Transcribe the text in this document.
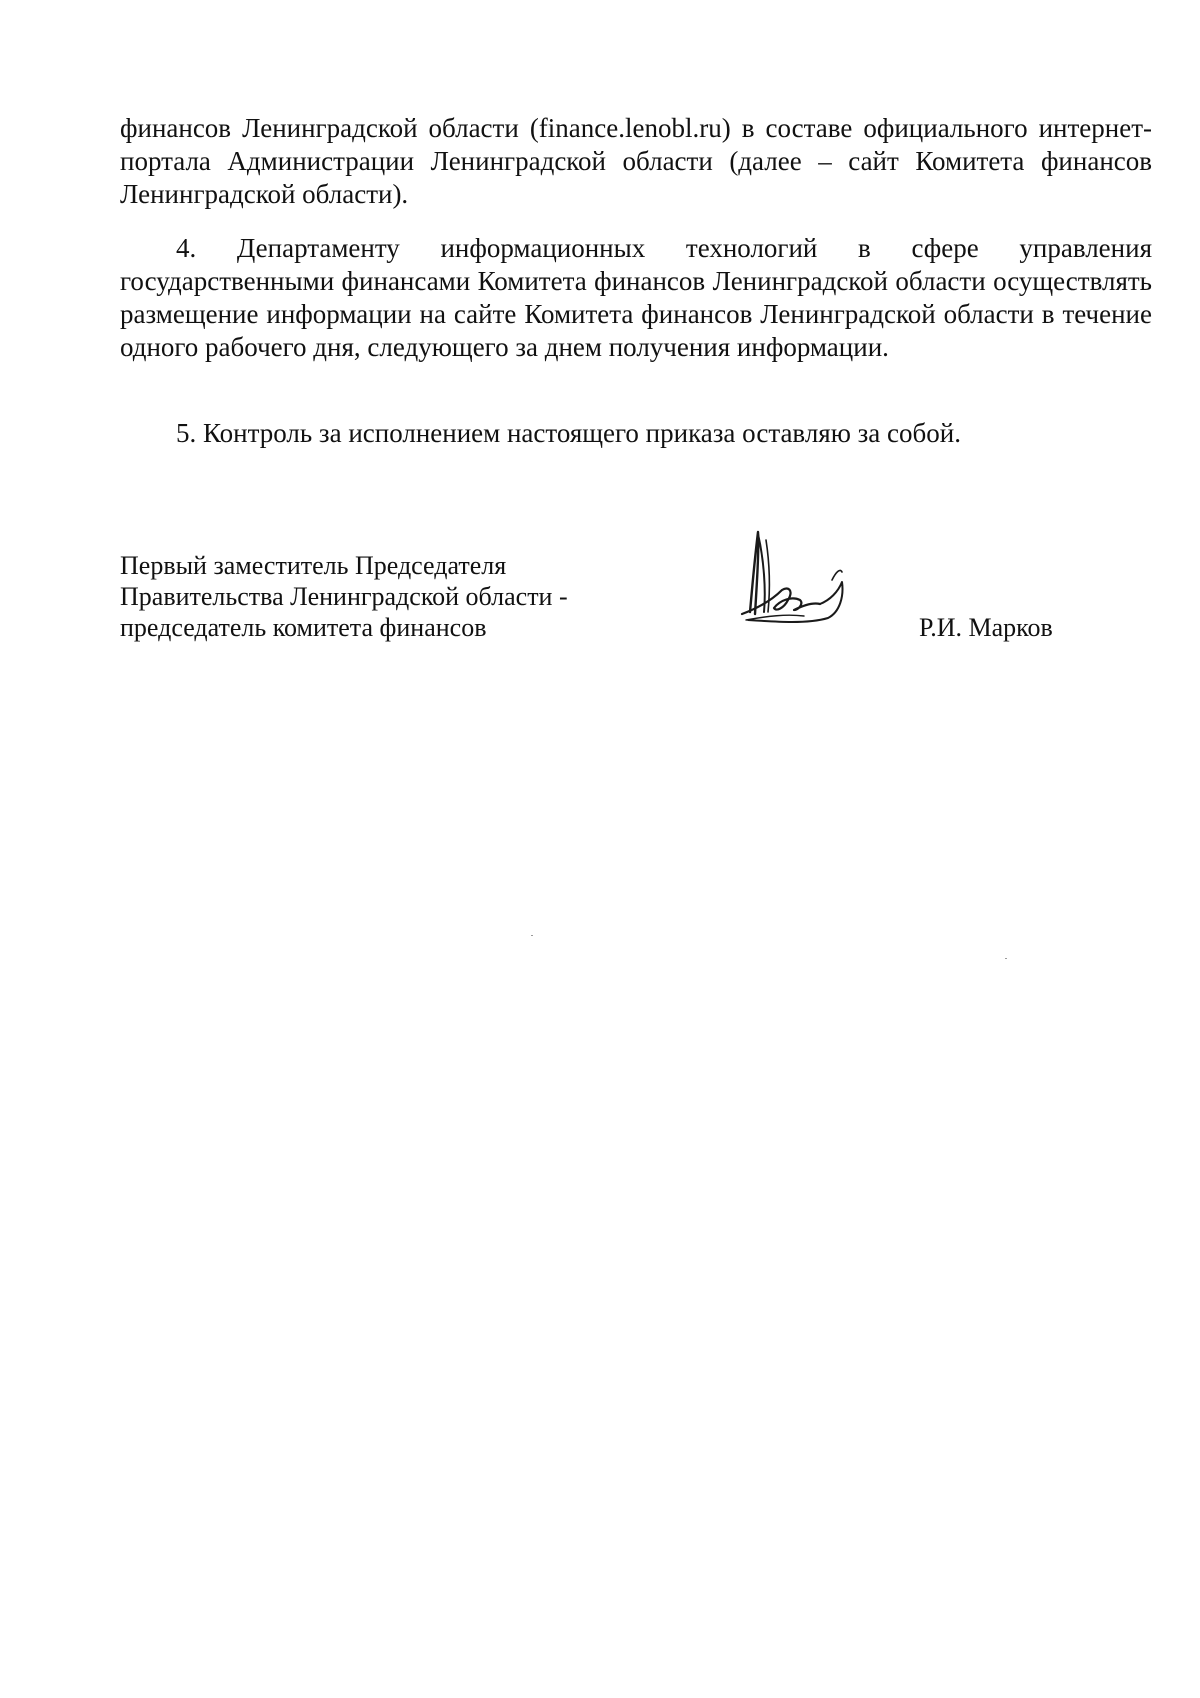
финансов Ленинградской области (finance.lenobl.ru) в составе официального интернет-портала Администрации Ленинградской области (далее – сайт Комитета финансов Ленинградской области).

4. Департаменту информационных технологий в сфере управления государственными финансами Комитета финансов Ленинградской области осуществлять размещение информации на сайте Комитета финансов Ленинградской области в течение одного рабочего дня, следующего за днем получения информации.

5. Контроль за исполнением настоящего приказа оставляю за собой.

Первый заместитель Председателя
Правительства Ленинградской области -
председатель комитета финансов	Р.И. Марков
